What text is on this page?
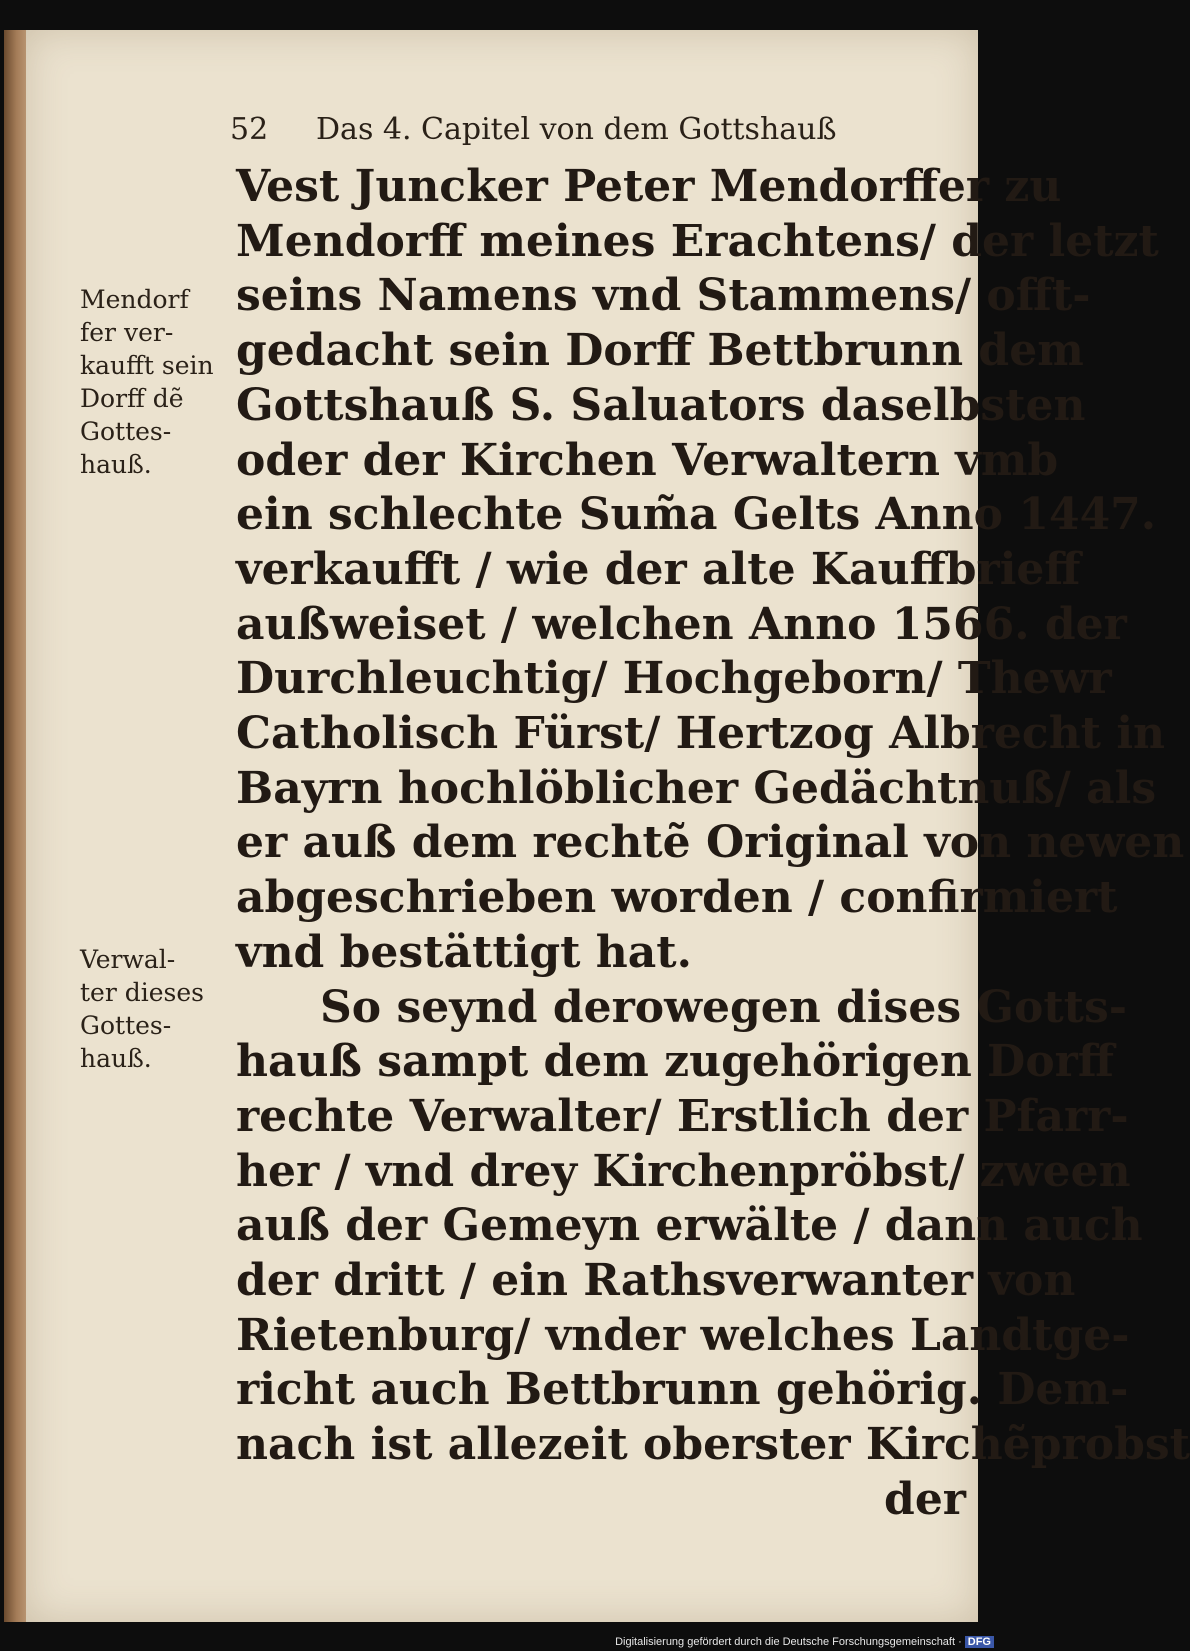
52 Das 4. Capitel von dem Gottshauß
Mendorf
fer ver-
kaufft sein
Dorff dẽ
Gottes-
hauß.
Verwal-
ter dieses
Gottes-
hauß.
Vest Juncker Peter Mendorffer zu
Mendorff meines Erachtens/ der letzt
seins Namens vnd Stammens/ offt-
gedacht sein Dorff Bettbrunn dem
Gottshauß S. Saluators daselbsten
oder der Kirchen Verwaltern vmb
ein schlechte Sum̃a Gelts Anno 1447.
verkaufft / wie der alte Kauffbrieff
außweiset / welchen Anno 1566. der
Durchleuchtig/ Hochgeborn/ Thewr
Catholisch Fürst/ Hertzog Albrecht in
Bayrn hochlöblicher Gedächtnuß/ als
er auß dem rechtẽ Original von newen
abgeschrieben worden / confirmiert
vnd bestättigt hat.
So seynd derowegen dises Gotts-
hauß sampt dem zugehörigen Dorff
rechte Verwalter/ Erstlich der Pfarr-
her / vnd drey Kirchenpröbst/ zween
auß der Gemeyn erwälte / dann auch
der dritt / ein Rathsverwanter von
Rietenburg/ vnder welches Landtge-
richt auch Bettbrunn gehörig. Dem-
nach ist allezeit oberster Kirchẽprobst
der
Digitalisierung gefördert durch die Deutsche Forschungsgemeinschaft · DFG
